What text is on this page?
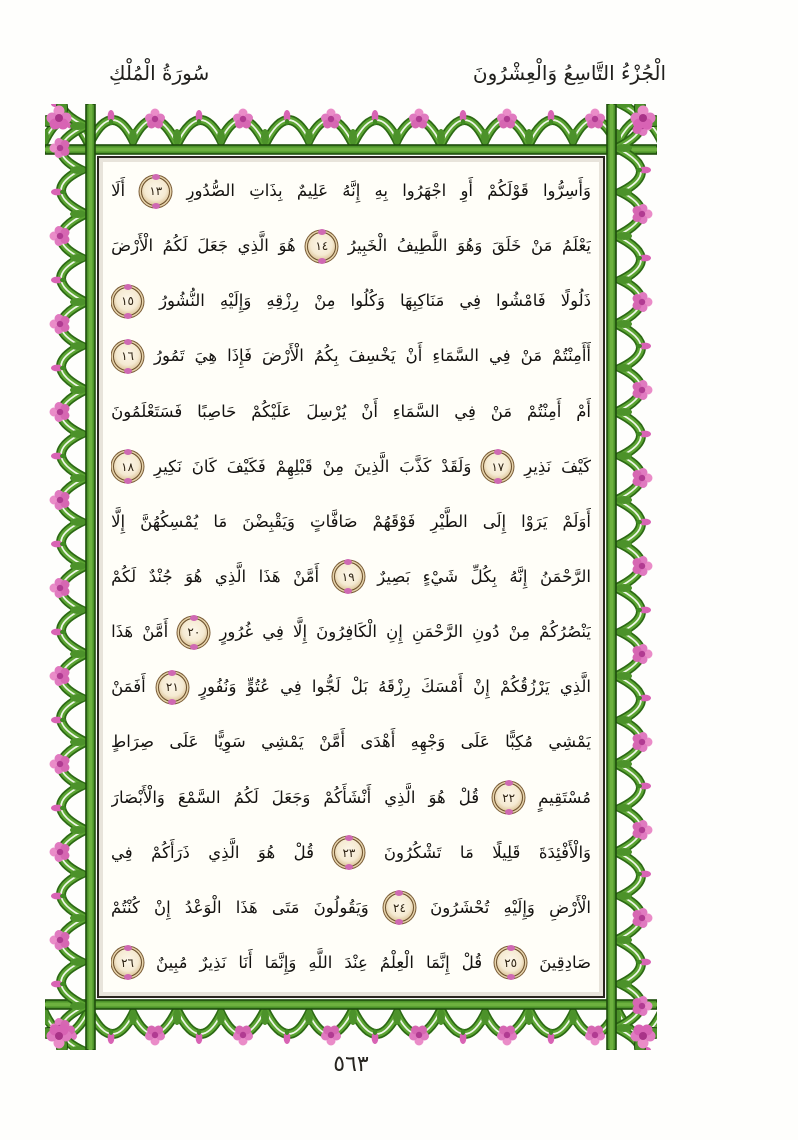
الْجُزْءُ التَّاسِعُ وَالْعِشْرُونَ
سُورَةُ الْمُلْكِ
وَأَسِرُّوا
قَوْلَكُمْ
أَوِ
اجْهَرُوا
بِهِ
إِنَّهُ
عَلِيمٌ
بِذَاتِ
الصُّدُورِ
١٣
أَلَا
يَعْلَمُ
مَنْ
خَلَقَ
وَهُوَ
اللَّطِيفُ
الْخَبِيرُ
١٤
هُوَ
الَّذِي
جَعَلَ
لَكُمُ
الْأَرْضَ
ذَلُولًا
فَامْشُوا
فِي
مَنَاكِبِهَا
وَكُلُوا
مِنْ
رِزْقِهِ
وَإِلَيْهِ
النُّشُورُ
١٥
أَأَمِنْتُمْ
مَنْ
فِي
السَّمَاءِ
أَنْ
يَخْسِفَ
بِكُمُ
الْأَرْضَ
فَإِذَا
هِيَ
تَمُورُ
١٦
أَمْ
أَمِنْتُمْ
مَنْ
فِي
السَّمَاءِ
أَنْ
يُرْسِلَ
عَلَيْكُمْ
حَاصِبًا
فَسَتَعْلَمُونَ
كَيْفَ
نَذِيرِ
١٧
وَلَقَدْ
كَذَّبَ
الَّذِينَ
مِنْ
قَبْلِهِمْ
فَكَيْفَ
كَانَ
نَكِيرِ
١٨
أَوَلَمْ
يَرَوْا
إِلَى
الطَّيْرِ
فَوْقَهُمْ
صَافَّاتٍ
وَيَقْبِضْنَ
مَا
يُمْسِكُهُنَّ
إِلَّا
الرَّحْمَنُ
إِنَّهُ
بِكُلِّ
شَيْءٍ
بَصِيرٌ
١٩
أَمَّنْ
هَذَا
الَّذِي
هُوَ
جُنْدٌ
لَكُمْ
يَنْصُرُكُمْ
مِنْ
دُونِ
الرَّحْمَنِ
إِنِ
الْكَافِرُونَ
إِلَّا
فِي
غُرُورٍ
٢٠
أَمَّنْ
هَذَا
الَّذِي
يَرْزُقُكُمْ
إِنْ
أَمْسَكَ
رِزْقَهُ
بَلْ
لَجُّوا
فِي
عُتُوٍّ
وَنُفُورٍ
٢١
أَفَمَنْ
يَمْشِي
مُكِبًّا
عَلَى
وَجْهِهِ
أَهْدَى
أَمَّنْ
يَمْشِي
سَوِيًّا
عَلَى
صِرَاطٍ
مُسْتَقِيمٍ
٢٢
قُلْ
هُوَ
الَّذِي
أَنْشَأَكُمْ
وَجَعَلَ
لَكُمُ
السَّمْعَ
وَالْأَبْصَارَ
وَالْأَفْئِدَةَ
قَلِيلًا
مَا
تَشْكُرُونَ
٢٣
قُلْ
هُوَ
الَّذِي
ذَرَأَكُمْ
فِي
الْأَرْضِ
وَإِلَيْهِ
تُحْشَرُونَ
٢٤
وَيَقُولُونَ
مَتَى
هَذَا
الْوَعْدُ
إِنْ
كُنْتُمْ
صَادِقِينَ
٢٥
قُلْ
إِنَّمَا
الْعِلْمُ
عِنْدَ
اللَّهِ
وَإِنَّمَا
أَنَا
نَذِيرٌ
مُبِينٌ
٢٦
٥٦٣
